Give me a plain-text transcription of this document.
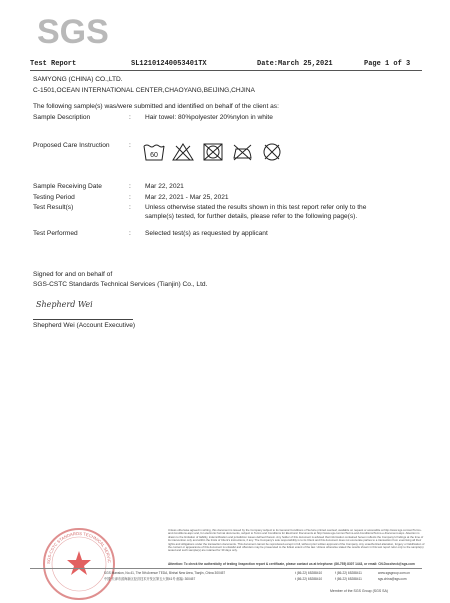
SGS
Test Report	SL12101240053401TX	Date:March 25,2021	Page 1 of 3
SAMYONG (CHINA) CO.,LTD.
C-1501,OCEAN INTERNATIONAL CENTER,CHAOYANG,BEIJING,CHJINA
The following sample(s) was/were submitted and identified on behalf of the client as:
Sample Description	: Hair towel: 80%polyester 20%nylon in white
Proposed Care Instruction	:
60

Sample Receiving Date	: Mar 22, 2021
Testing Period	: Mar 22, 2021 - Mar 25, 2021
Test Result(s)	: Unless otherwise stated the results shown in this test report refer only to the
sample(s) tested, for further details, please refer to the following page(s).
Test Performed	: Selected test(s) as requested by applicant
Signed for and on behalf of
SGS-CSTC Standards Technical Services (Tianjin) Co., Ltd.
Shepherd Wei
Shepherd Wei (Account Executive)
Unless otherwise agreed in writing, this document is issued by the Company subject to its General Conditions of Service printed overleaf, available on request or accessible at http://www.sgs.com/en/Terms-and-Conditions.aspx and, for electronic format documents, subject to Terms and Conditions for Electronic Documents at http://www.sgs.com/en/Terms-and-Conditions/Terms-e-Document.aspx. Attention is drawn to the limitation of liability, indemnification and jurisdiction issues defined therein. Any holder of this document is advised that information contained hereon reflects the Company's findings at the time of its intervention only and within the limits of Client's instructions, if any. The Company's sole responsibility is to its Client and this document does not exonerate parties to a transaction from exercising all their rights and obligations under the transaction documents. This document cannot be reproduced except in full, without prior written approval of the Company. Any unauthorized alteration, forgery or falsification of the content or appearance of this document is unlawful and offenders may be prosecuted to the fullest extent of the law. Unless otherwise stated the results shown in this test report refer only to the sample(s) tested and such sample(s) are retained for 30 days only.
Attention: To check the authenticity of testing /inspection report & certificate, please contact us at telephone: (86-755) 8307 1443, or email: CN.Doccheck@sgs.com
SGS-CSTC STANDARDS TECHNICAL SERVIC
SGS Mansion, No.41, The 5th Avenue TEDA, Binhai New Area, Tianjin, China 300457
中国·天津市滨海新区经济技术开发区第五大街41号 邮编: 300457
t (86-22) 65288410
t (86-22) 65288410
f (86-22) 65288411
f (86-22) 65288411
www.sgsgroup.com.cn
sgs.china@sgs.com
Member of the SGS Group (SGS SA)
